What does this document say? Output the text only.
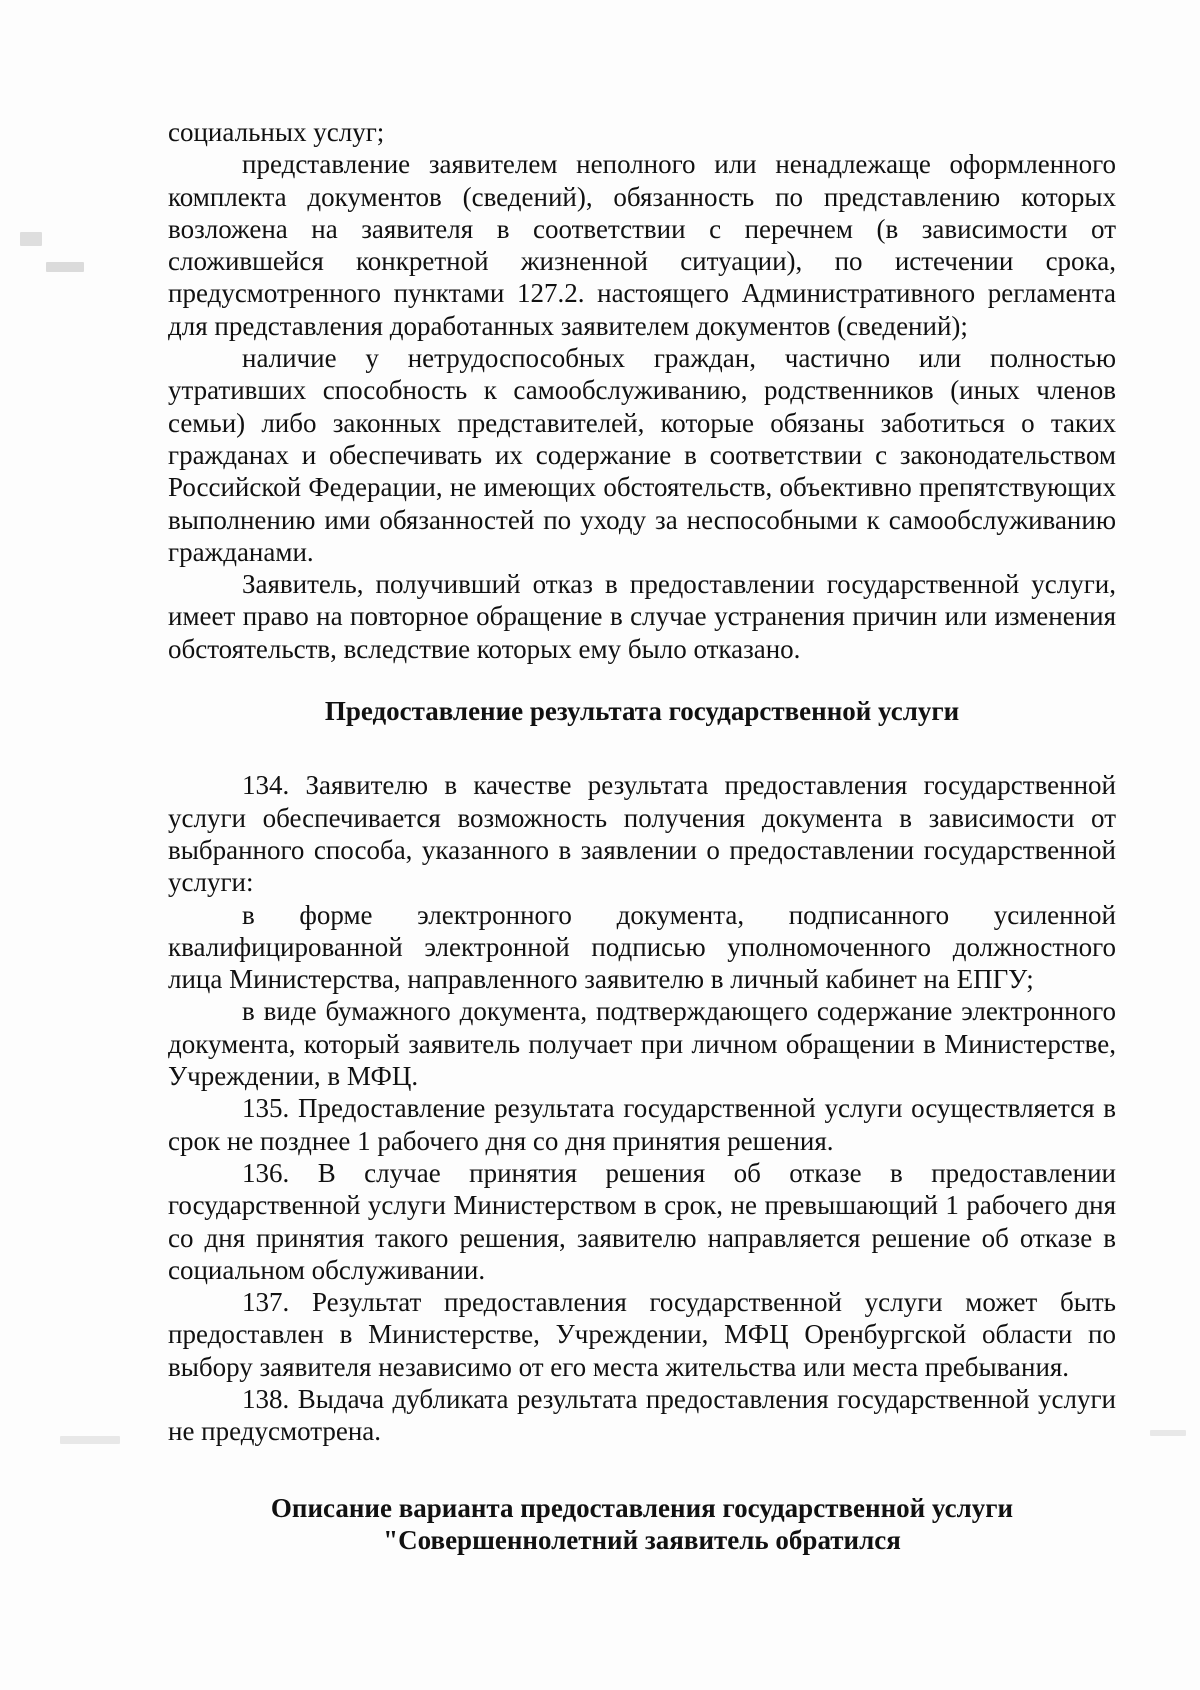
социальных услуг;

представление заявителем неполного или ненадлежаще оформленного комплекта документов (сведений), обязанность по представлению которых возложена на заявителя в соответствии с перечнем (в зависимости от сложившейся конкретной жизненной ситуации), по истечении срока, предусмотренного пунктами 127.2. настоящего Административного регламента для представления доработанных заявителем документов (сведений);

наличие у нетрудоспособных граждан, частично или полностью утративших способность к самообслуживанию, родственников (иных членов семьи) либо законных представителей, которые обязаны заботиться о таких гражданах и обеспечивать их содержание в соответствии с законодательством Российской Федерации, не имеющих обстоятельств, объективно препятствующих выполнению ими обязанностей по уходу за неспособными к самообслуживанию гражданами.

Заявитель, получивший отказ в предоставлении государственной услуги, имеет право на повторное обращение в случае устранения причин или изменения обстоятельств, вследствие которых ему было отказано.

Предоставление результата государственной услуги

134. Заявителю в качестве результата предоставления государственной услуги обеспечивается возможность получения документа в зависимости от выбранного способа, указанного в заявлении о предоставлении государственной услуги:

в форме электронного документа, подписанного усиленной квалифицированной электронной подписью уполномоченного должностного лица Министерства, направленного заявителю в личный кабинет на ЕПГУ;

в виде бумажного документа, подтверждающего содержание электронного документа, который заявитель получает при личном обращении в Министерстве, Учреждении, в МФЦ.

135. Предоставление результата государственной услуги осуществляется в срок не позднее 1 рабочего дня со дня принятия решения.

136. В случае принятия решения об отказе в предоставлении государственной услуги Министерством в срок, не превышающий 1 рабочего дня со дня принятия такого решения, заявителю направляется решение об отказе в социальном обслуживании.

137. Результат предоставления государственной услуги может быть предоставлен в Министерстве, Учреждении, МФЦ Оренбургской области по выбору заявителя независимо от его места жительства или места пребывания.

138. Выдача дубликата результата предоставления государственной услуги не предусмотрена.

Описание варианта предоставления государственной услуги
"Совершеннолетний заявитель обратился
